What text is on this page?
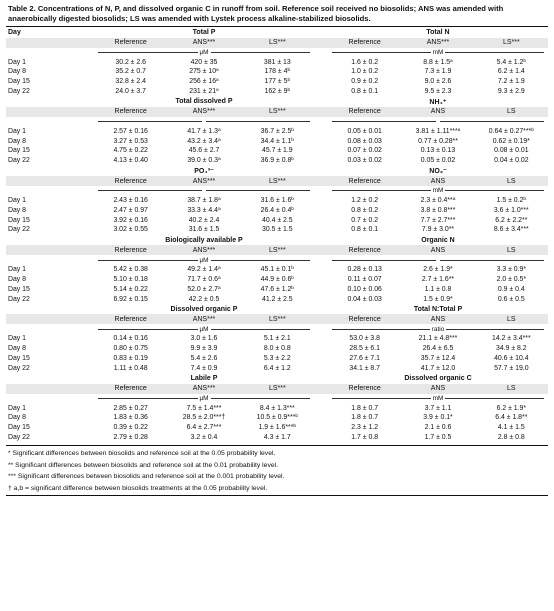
Table 2. Concentrations of N, P, and dissolved organic C in runoff from soil. Reference soil received no biosolids; ANS was amended with anaerobically digested biosolids; LS was amended with Lystek process alkaline-stabilized biosolids.
Day	Total P	Total N
Reference	ANS***	LS***	Reference	ANS***	LS***
μM	mM
Day 1	30.2 ± 2.6	420 ± 35	381 ± 13	1.6 ± 0.2	8.8 ± 1.5$^a$	5.4 ± 1.2$^b$
Day 8	35.2 ± 0.7	$275 \pm 10^a$	$178 \pm 4^b$	1.0 ± 0.2	7.3 ± 1.9	6.2 ± 1.4
Day 15	32.8 ± 2.4	$256 \pm 16^a$	$177 \pm 5^b$	0.9 ± 0.2	9.0 ± 2.6	7.2 ± 1.9
Day 22	24.0 ± 3.7	$231 \pm 21^a$	$162 \pm 9^b$	0.8 ± 0.1	9.5 ± 2.3	9.3 ± 2.9
Total dissolved P	NH₄⁺
Reference	ANS***	LS***	Reference	ANS	LS
Day 1	2.57 ± 0.16	41.7 ± 1.3$^a$	36.7 ± 2.5$^b$	0.05 ± 0.01	3.81 ± 1.11***$^a$	0.64 ± 0.27***$^b$
Day 8	3.27 ± 0.53	43.2 ± 3.4$^a$	34.4 ± 1.1$^b$	0.08 ± 0.03	0.77 ± 0.28**	0.62 ± 0.19*
Day 15	4.75 ± 0.22	45.6 ± 2.7	45.7 ± 1.9	0.07 ± 0.02	0.13 ± 0.13	0.08 ± 0.01
Day 22	4.13 ± 0.40	39.0 ± 0.3$^a$	36.9 ± 0.8$^b$	0.03 ± 0.02	0.05 ± 0.02	0.04 ± 0.02
PO₄³⁻	NO₃⁻
Reference	ANS***	LS***	Reference	ANS	LS
mM
Day 1	2.43 ± 0.16	38.7 ± 1.8$^a$	31.6 ± 1.6$^b$	1.2 ± 0.2	2.3 ± 0.4**$^a$	1.5 ± 0.2$^b$
Day 8	2.47 ± 0.97	33.3 ± 4.4$^a$	26.4 ± 0.4$^b$	0.8 ± 0.2	3.8 ± 0.8***	3.6 ± 1.0***
Day 15	3.92 ± 0.16	40.2 ± 2.4	40.4 ± 2.5	0.7 ± 0.2	7.7 ± 2.7***	6.2 ± 2.2**
Day 22	3.02 ± 0.55	31.6 ± 1.5	30.5 ± 1.5	0.8 ± 0.1	7.9 ± 3.0**	8.6 ± 3.4***
Biologically available P	Organic N
Reference	ANS***	LS***	Reference	ANS	LS
μM
Day 1	5.42 ± 0.38	49.2 ± 1.4$^a$	45.1 ± 0.1$^b$	0.28 ± 0.13	2.6 ± 1.9*	3.3 ± 0.9*
Day 8	5.10 ± 0.18	71.7 ± 0.6$^a$	44.9 ± 0.6$^b$	0.11 ± 0.07	2.7 ± 1.6**	2.0 ± 0.5*
Day 15	5.14 ± 0.22	52.0 ± 2.7$^a$	47.6 ± 1.2$^b$	0.10 ± 0.06	1.1 ± 0.8	0.9 ± 0.4
Day 22	6.92 ± 0.15	42.2 ± 0.5	41.2 ± 2.5	0.04 ± 0.03	1.5 ± 0.9*	0.6 ± 0.5
Dissolved organic P	Total N:Total P
Reference	ANS***	LS***	Reference	ANS	LS
μM	ratio
Day 1	0.14 ± 0.16	3.0 ± 1.6	5.1 ± 2.1	53.0 ± 3.8	21.1 ± 4.8***	14.2 ± 3.4***
Day 8	0.80 ± 0.75	9.9 ± 3.9	8.0 ± 0.8	28.5 ± 6.1	26.4 ± 6.5	34.9 ± 8.2
Day 15	0.83 ± 0.19	5.4 ± 2.6	5.3 ± 2.2	27.6 ± 7.1	35.7 ± 12.4	40.6 ± 10.4
Day 22	1.11 ± 0.48	7.4 ± 0.9	6.4 ± 1.2	34.1 ± 8.7	41.7 ± 12.0	57.7 ± 19.0
Labile P	Dissolved organic C
Reference	ANS***	LS***	Reference	ANS	LS
μM	mM
Day 1	2.85 ± 0.27	7.5 ± 1.4***	8.4 ± 1.3***	1.8 ± 0.7	3.7 ± 1.1	6.2 ± 1.9*
Day 8	1.83 ± 0.36	28.5 ± 2.0***†	10.5 ± 0.9***$^b$	1.8 ± 0.7	3.9 ± 0.1*	6.4 ± 1.8**
Day 15	0.39 ± 0.22	6.4 ± 2.7***	1.9 ± 1.6***$^b$	2.3 ± 1.2	2.1 ± 0.6	4.1 ± 1.5
Day 22	2.79 ± 0.28	3.2 ± 0.4	4.3 ± 1.7	1.7 ± 0.8	1.7 ± 0.5	2.8 ± 0.8
* Significant differences between biosolids and reference soil at the 0.05 probability level.
** Significant differences between biosolids and reference soil at the 0.01 probability level.
*** Significant differences between biosolids and reference soil at the 0.001 probability level.
† a,b = significant difference between biosolids treatments at the 0.05 probability level.
